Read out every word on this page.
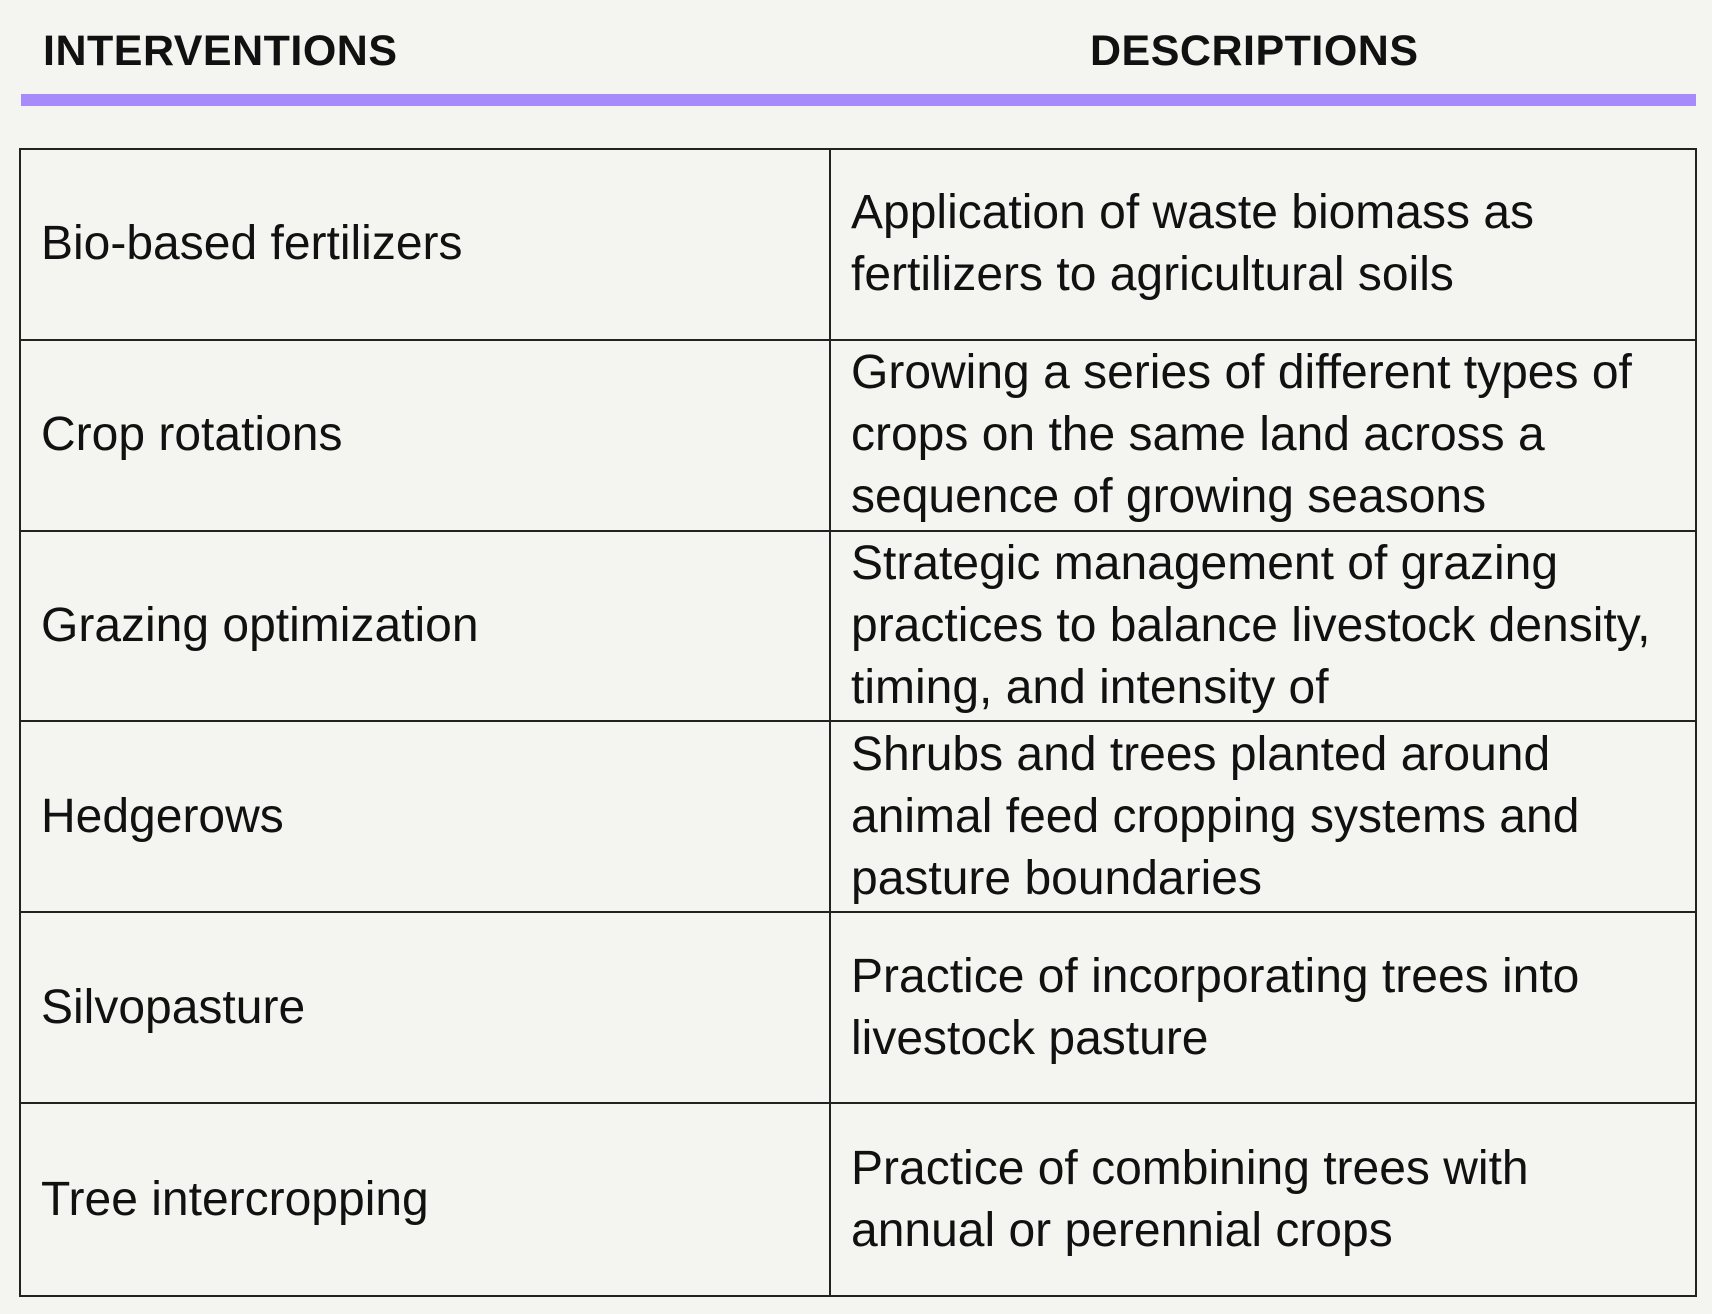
INTERVENTIONS	DESCRIPTIONS
Bio-based fertilizers
Application of waste biomass as fertilizers to agricultural soils
Crop rotations
Growing a series of different types of crops on the same land across a sequence of growing seasons
Grazing optimization
Strategic management of grazing practices to balance livestock density, timing, and intensity of
Hedgerows
Shrubs and trees planted around animal feed cropping systems and pasture boundaries
Silvopasture
Practice of incorporating trees into livestock pasture
Tree intercropping
Practice of combining trees with annual or perennial crops
